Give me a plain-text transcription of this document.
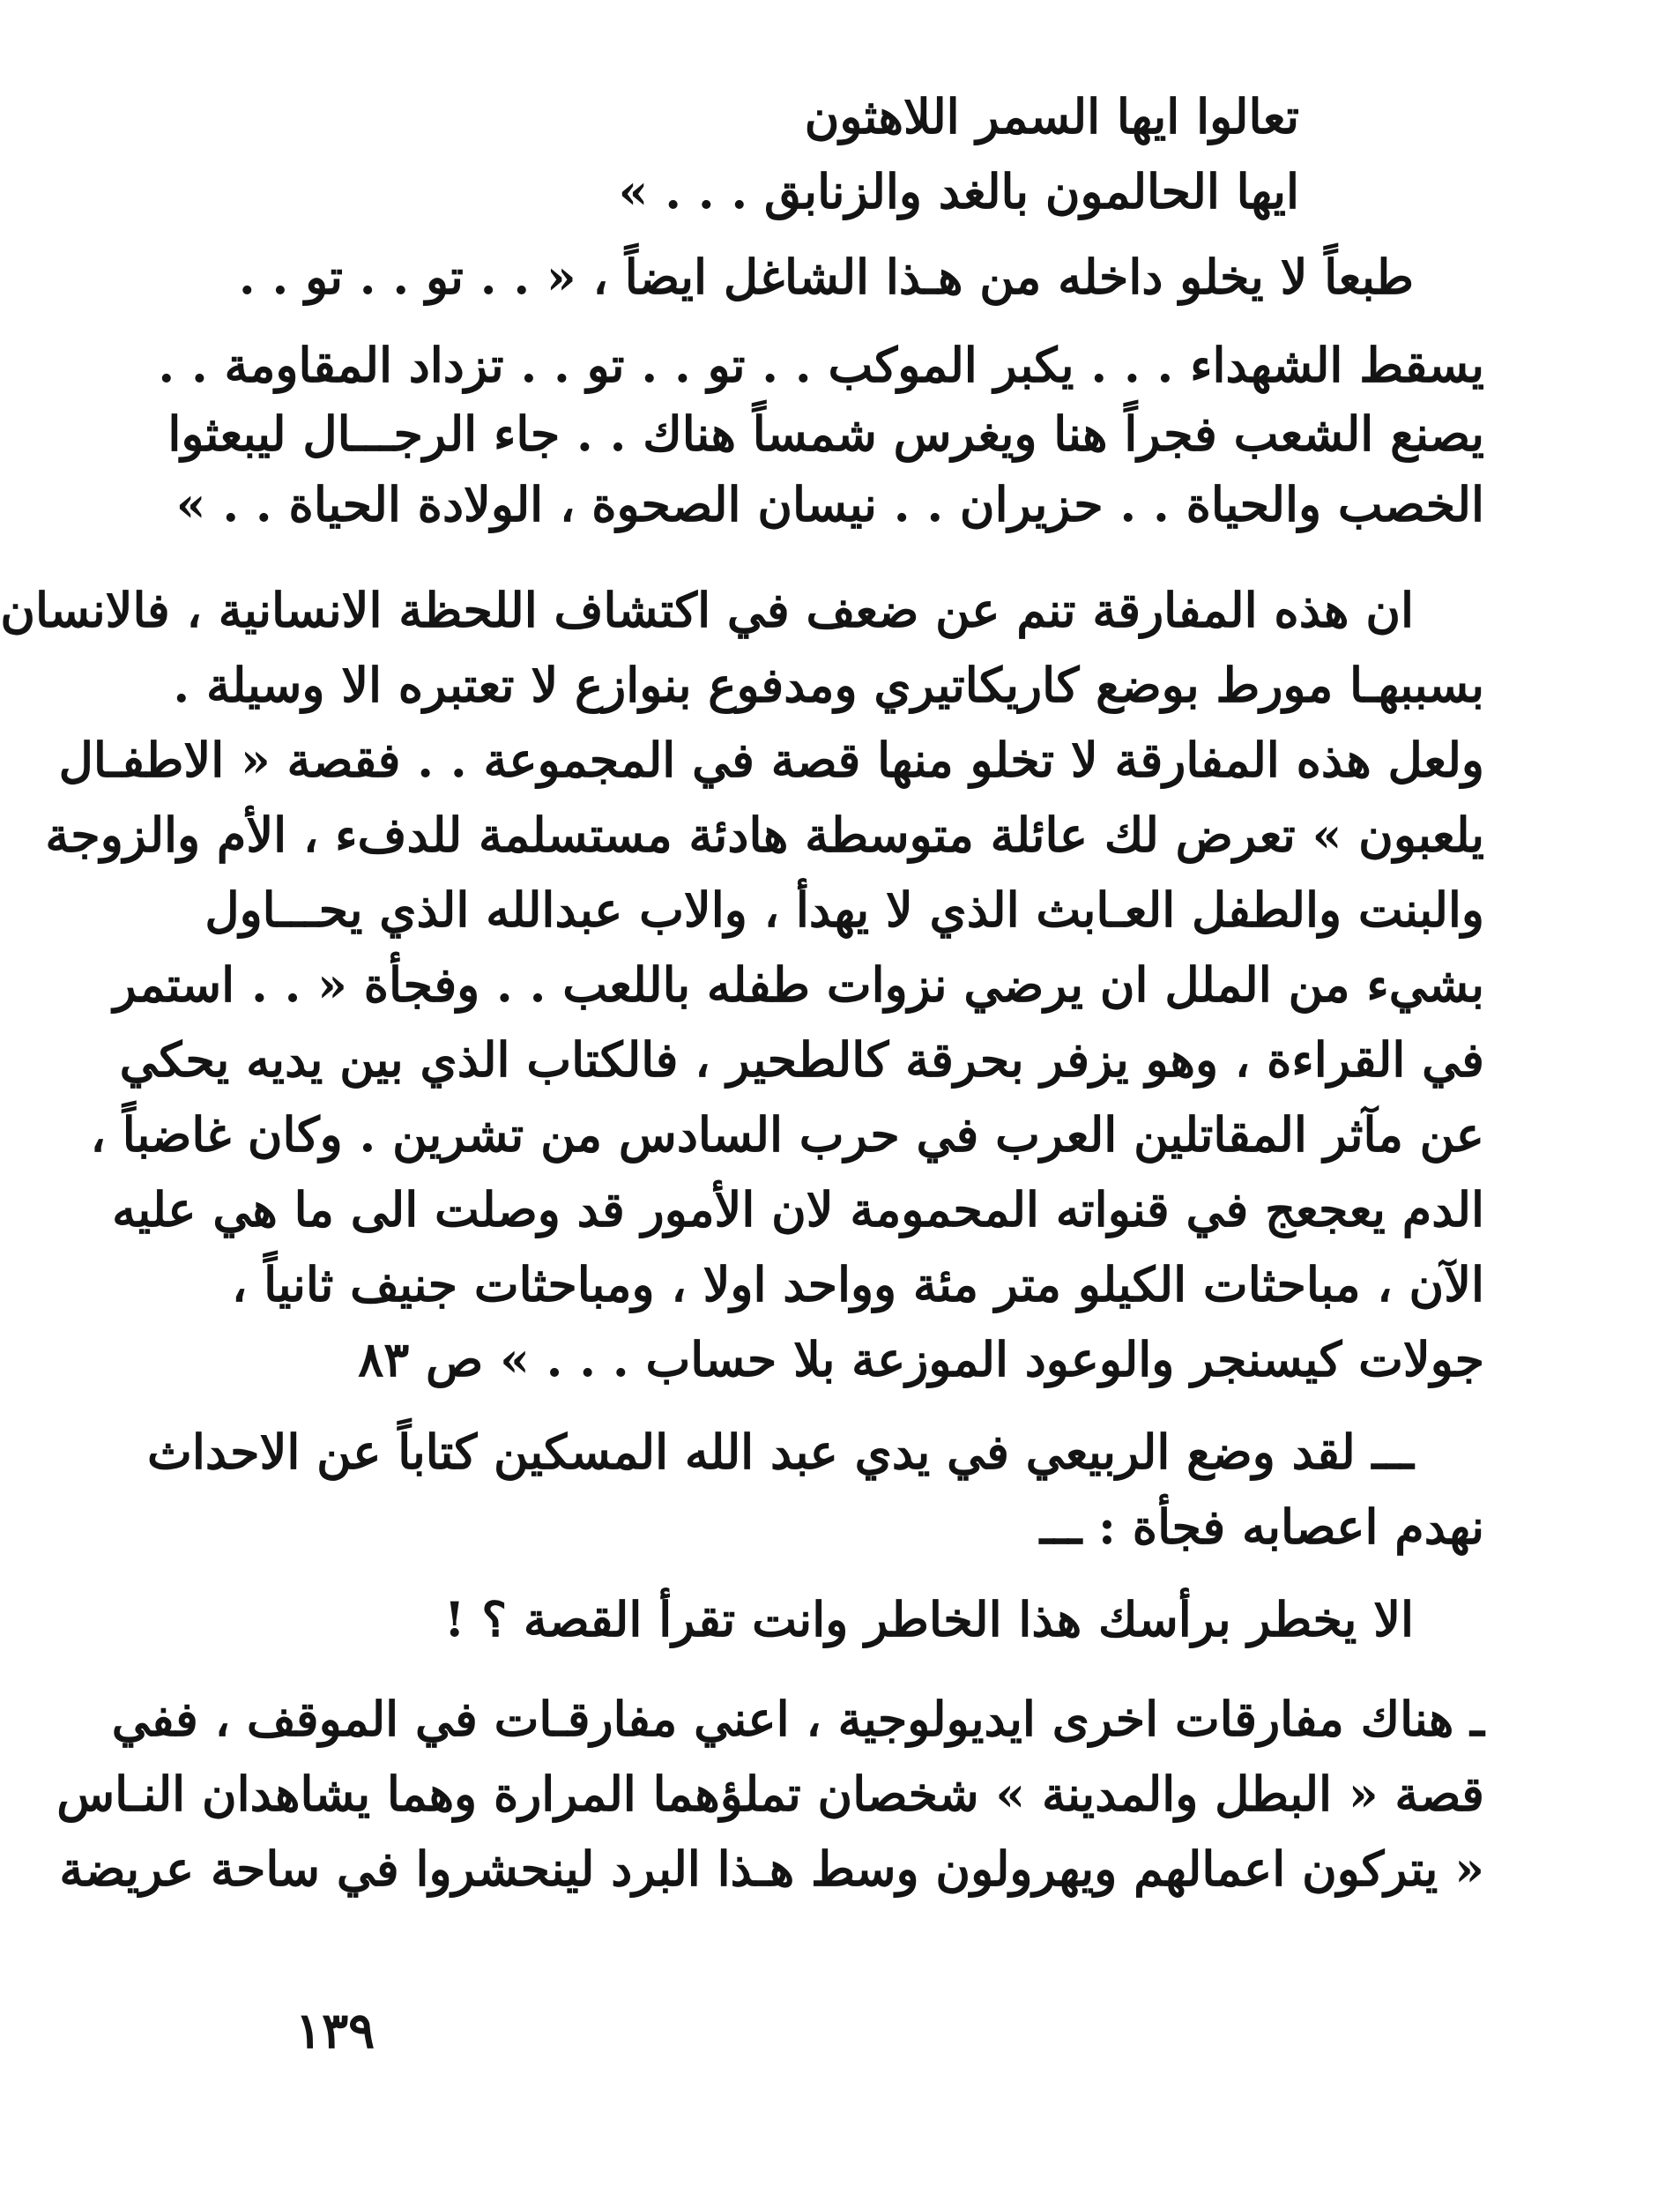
تعالوا ايها السمر اللاهثون
ايها الحالمون بالغد والزنابق . . . »
طبعاً لا يخلو داخله من هـذا الشاغل ايضاً ، « . . تو . . تو . .
يسقط الشهداء . . . يكبر الموكب . . تو . . تو . . تزداد المقاومة . .
يصنع الشعب فجراً هنا ويغرس شمساً هناك . . جاء الرجـــال ليبعثوا
الخصب والحياة . . حزيران . . نيسان الصحوة ، الولادة الحياة . . »
ان هذه المفارقة تنم عن ضعف في اكتشاف اللحظة الانسانية ، فالانسان
بسببهـا مورط بوضع كاريكاتيري ومدفوع بنوازع لا تعتبره الا وسيلة .
ولعل هذه المفارقة لا تخلو منها قصة في المجموعة . . فقصة « الاطفـال
يلعبون » تعرض لك عائلة متوسطة هادئة مستسلمة للدفء ، الأم والزوجة
والبنت والطفل العـابث الذي لا يهدأ ، والاب عبدالله الذي يحـــاول
بشيء من الملل ان يرضي نزوات طفله باللعب . . وفجأة « . . استمر
في القراءة ، وهو يزفر بحرقة كالطحير ، فالكتاب الذي بين يديه يحكي
عن مآثر المقاتلين العرب في حرب السادس من تشرين . وكان غاضباً ،
الدم يعجعج في قنواته المحمومة لان الأمور قد وصلت الى ما هي عليه
الآن ، مباحثات الكيلو متر مئة وواحد اولا ، ومباحثات جنيف ثانياً ،
جولات كيسنجر والوعود الموزعة بلا حساب . . . » ص ٨٣
ـــ لقد وضع الربيعي في يدي عبد الله المسكين كتاباً عن الاحداث
نهدم اعصابه فجأة : ـــ
الا يخطر برأسك هذا الخاطر وانت تقرأ القصة ؟ !
ـ هناك مفارقات اخرى ايديولوجية ، اعني مفارقـات في الموقف ، ففي
قصة « البطل والمدينة » شخصان تملؤهما المرارة وهما يشاهدان النـاس
« يتركون اعمالهم ويهرولون وسط هـذا البرد لينحشروا في ساحة عريضة
١٣٩
